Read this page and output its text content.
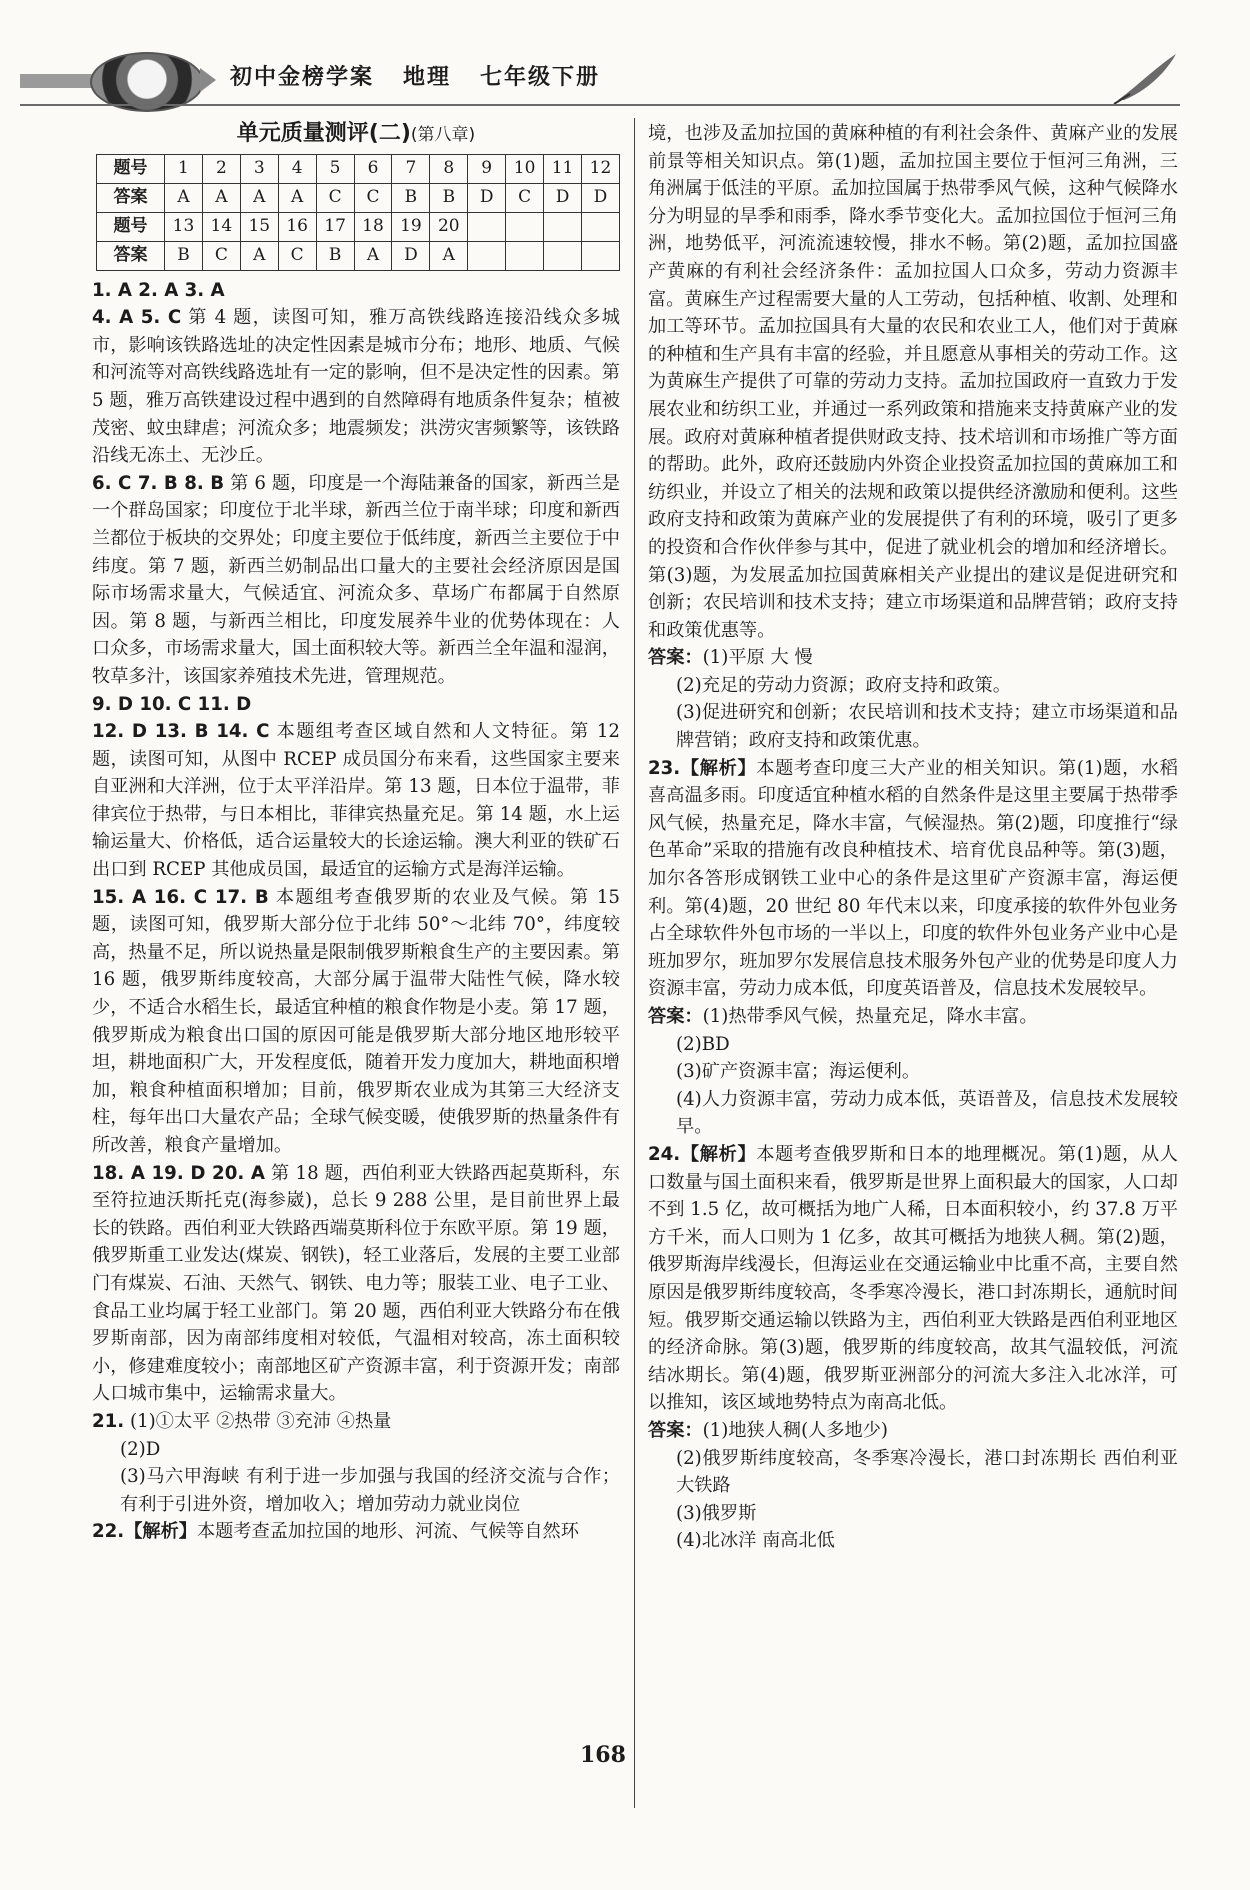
初中金榜学案   地理   七年级下册
单元质量测评(二)(第八章)
题号	1	2	3	4	5	6	7	8	9	10	11	12
答案	A	A	A	A	C	C	B	B	D	C	D	D
题号	13	14	15	16	17	18	19	20				
答案	B	C	A	C	B	A	D	A				

1. A 2. A 3. A

4. A 5. C 第 4 题，读图可知，雅万高铁线路连接沿线众多城市，影响该铁路选址的决定性因素是城市分布；地形、地质、气候和河流等对高铁线路选址有一定的影响，但不是决定性的因素。第 5 题，雅万高铁建设过程中遇到的自然障碍有地质条件复杂；植被茂密、蚊虫肆虐；河流众多；地震频发；洪涝灾害频繁等，该铁路沿线无冻土、无沙丘。

6. C 7. B 8. B 第 6 题，印度是一个海陆兼备的国家，新西兰是一个群岛国家；印度位于北半球，新西兰位于南半球；印度和新西兰都位于板块的交界处；印度主要位于低纬度，新西兰主要位于中纬度。第 7 题，新西兰奶制品出口量大的主要社会经济原因是国际市场需求量大，气候适宜、河流众多、草场广布都属于自然原因。第 8 题，与新西兰相比，印度发展养牛业的优势体现在：人口众多，市场需求量大，国土面积较大等。新西兰全年温和湿润，牧草多汁，该国家养殖技术先进，管理规范。

9. D 10. C 11. D

12. D 13. B 14. C 本题组考查区域自然和人文特征。第 12 题，读图可知，从图中 RCEP 成员国分布来看，这些国家主要来自亚洲和大洋洲，位于太平洋沿岸。第 13 题，日本位于温带，菲律宾位于热带，与日本相比，菲律宾热量充足。第 14 题，水上运输运量大、价格低，适合运量较大的长途运输。澳大利亚的铁矿石出口到 RCEP 其他成员国，最适宜的运输方式是海洋运输。

15. A 16. C 17. B 本题组考查俄罗斯的农业及气候。第 15 题，读图可知，俄罗斯大部分位于北纬 50°～北纬 70°，纬度较高，热量不足，所以说热量是限制俄罗斯粮食生产的主要因素。第 16 题，俄罗斯纬度较高，大部分属于温带大陆性气候，降水较少，不适合水稻生长，最适宜种植的粮食作物是小麦。第 17 题，俄罗斯成为粮食出口国的原因可能是俄罗斯大部分地区地形较平坦，耕地面积广大，开发程度低，随着开发力度加大，耕地面积增加，粮食种植面积增加；目前，俄罗斯农业成为其第三大经济支柱，每年出口大量农产品；全球气候变暖，使俄罗斯的热量条件有所改善，粮食产量增加。

18. A 19. D 20. A 第 18 题，西伯利亚大铁路西起莫斯科，东至符拉迪沃斯托克(海参崴)，总长 9 288 公里，是目前世界上最长的铁路。西伯利亚大铁路西端莫斯科位于东欧平原。第 19 题，俄罗斯重工业发达(煤炭、钢铁)，轻工业落后，发展的主要工业部门有煤炭、石油、天然气、钢铁、电力等；服装工业、电子工业、食品工业均属于轻工业部门。第 20 题，西伯利亚大铁路分布在俄罗斯南部，因为南部纬度相对较低，气温相对较高，冻土面积较小，修建难度较小；南部地区矿产资源丰富，利于资源开发；南部人口城市集中，运输需求量大。

21. (1)①太平 ②热带 ③充沛 ④热量

(2)D

(3)马六甲海峡 有利于进一步加强与我国的经济交流与合作；有利于引进外资，增加收入；增加劳动力就业岗位

22.【解析】本题考查孟加拉国的地形、河流、气候等自然环

境，也涉及孟加拉国的黄麻种植的有利社会条件、黄麻产业的发展前景等相关知识点。第(1)题，孟加拉国主要位于恒河三角洲，三角洲属于低洼的平原。孟加拉国属于热带季风气候，这种气候降水分为明显的旱季和雨季，降水季节变化大。孟加拉国位于恒河三角洲，地势低平，河流流速较慢，排水不畅。第(2)题，孟加拉国盛产黄麻的有利社会经济条件：孟加拉国人口众多，劳动力资源丰富。黄麻生产过程需要大量的人工劳动，包括种植、收割、处理和加工等环节。孟加拉国具有大量的农民和农业工人，他们对于黄麻的种植和生产具有丰富的经验，并且愿意从事相关的劳动工作。这为黄麻生产提供了可靠的劳动力支持。孟加拉国政府一直致力于发展农业和纺织工业，并通过一系列政策和措施来支持黄麻产业的发展。政府对黄麻种植者提供财政支持、技术培训和市场推广等方面的帮助。此外，政府还鼓励内外资企业投资孟加拉国的黄麻加工和纺织业，并设立了相关的法规和政策以提供经济激励和便利。这些政府支持和政策为黄麻产业的发展提供了有利的环境，吸引了更多的投资和合作伙伴参与其中，促进了就业机会的增加和经济增长。第(3)题，为发展孟加拉国黄麻相关产业提出的建议是促进研究和创新；农民培训和技术支持；建立市场渠道和品牌营销；政府支持和政策优惠等。

答案：(1)平原 大 慢

(2)充足的劳动力资源；政府支持和政策。

(3)促进研究和创新；农民培训和技术支持；建立市场渠道和品牌营销；政府支持和政策优惠。

23.【解析】本题考查印度三大产业的相关知识。第(1)题，水稻喜高温多雨。印度适宜种植水稻的自然条件是这里主要属于热带季风气候，热量充足，降水丰富，气候湿热。第(2)题，印度推行“绿色革命”采取的措施有改良种植技术、培育优良品种等。第(3)题，加尔各答形成钢铁工业中心的条件是这里矿产资源丰富，海运便利。第(4)题，20 世纪 80 年代末以来，印度承接的软件外包业务占全球软件外包市场的一半以上，印度的软件外包业务产业中心是班加罗尔，班加罗尔发展信息技术服务外包产业的优势是印度人力资源丰富，劳动力成本低，印度英语普及，信息技术发展较早。

答案：(1)热带季风气候，热量充足，降水丰富。

(2)BD

(3)矿产资源丰富；海运便利。

(4)人力资源丰富，劳动力成本低，英语普及，信息技术发展较早。

24.【解析】本题考查俄罗斯和日本的地理概况。第(1)题，从人口数量与国土面积来看，俄罗斯是世界上面积最大的国家，人口却不到 1.5 亿，故可概括为地广人稀，日本面积较小，约 37.8 万平方千米，而人口则为 1 亿多，故其可概括为地狭人稠。第(2)题，俄罗斯海岸线漫长，但海运业在交通运输业中比重不高，主要自然原因是俄罗斯纬度较高，冬季寒冷漫长，港口封冻期长，通航时间短。俄罗斯交通运输以铁路为主，西伯利亚大铁路是西伯利亚地区的经济命脉。第(3)题，俄罗斯的纬度较高，故其气温较低，河流结冰期长。第(4)题，俄罗斯亚洲部分的河流大多注入北冰洋，可以推知，该区域地势特点为南高北低。

答案：(1)地狭人稠(人多地少)

(2)俄罗斯纬度较高，冬季寒冷漫长，港口封冻期长 西伯利亚大铁路

(3)俄罗斯

(4)北冰洋 南高北低

168
